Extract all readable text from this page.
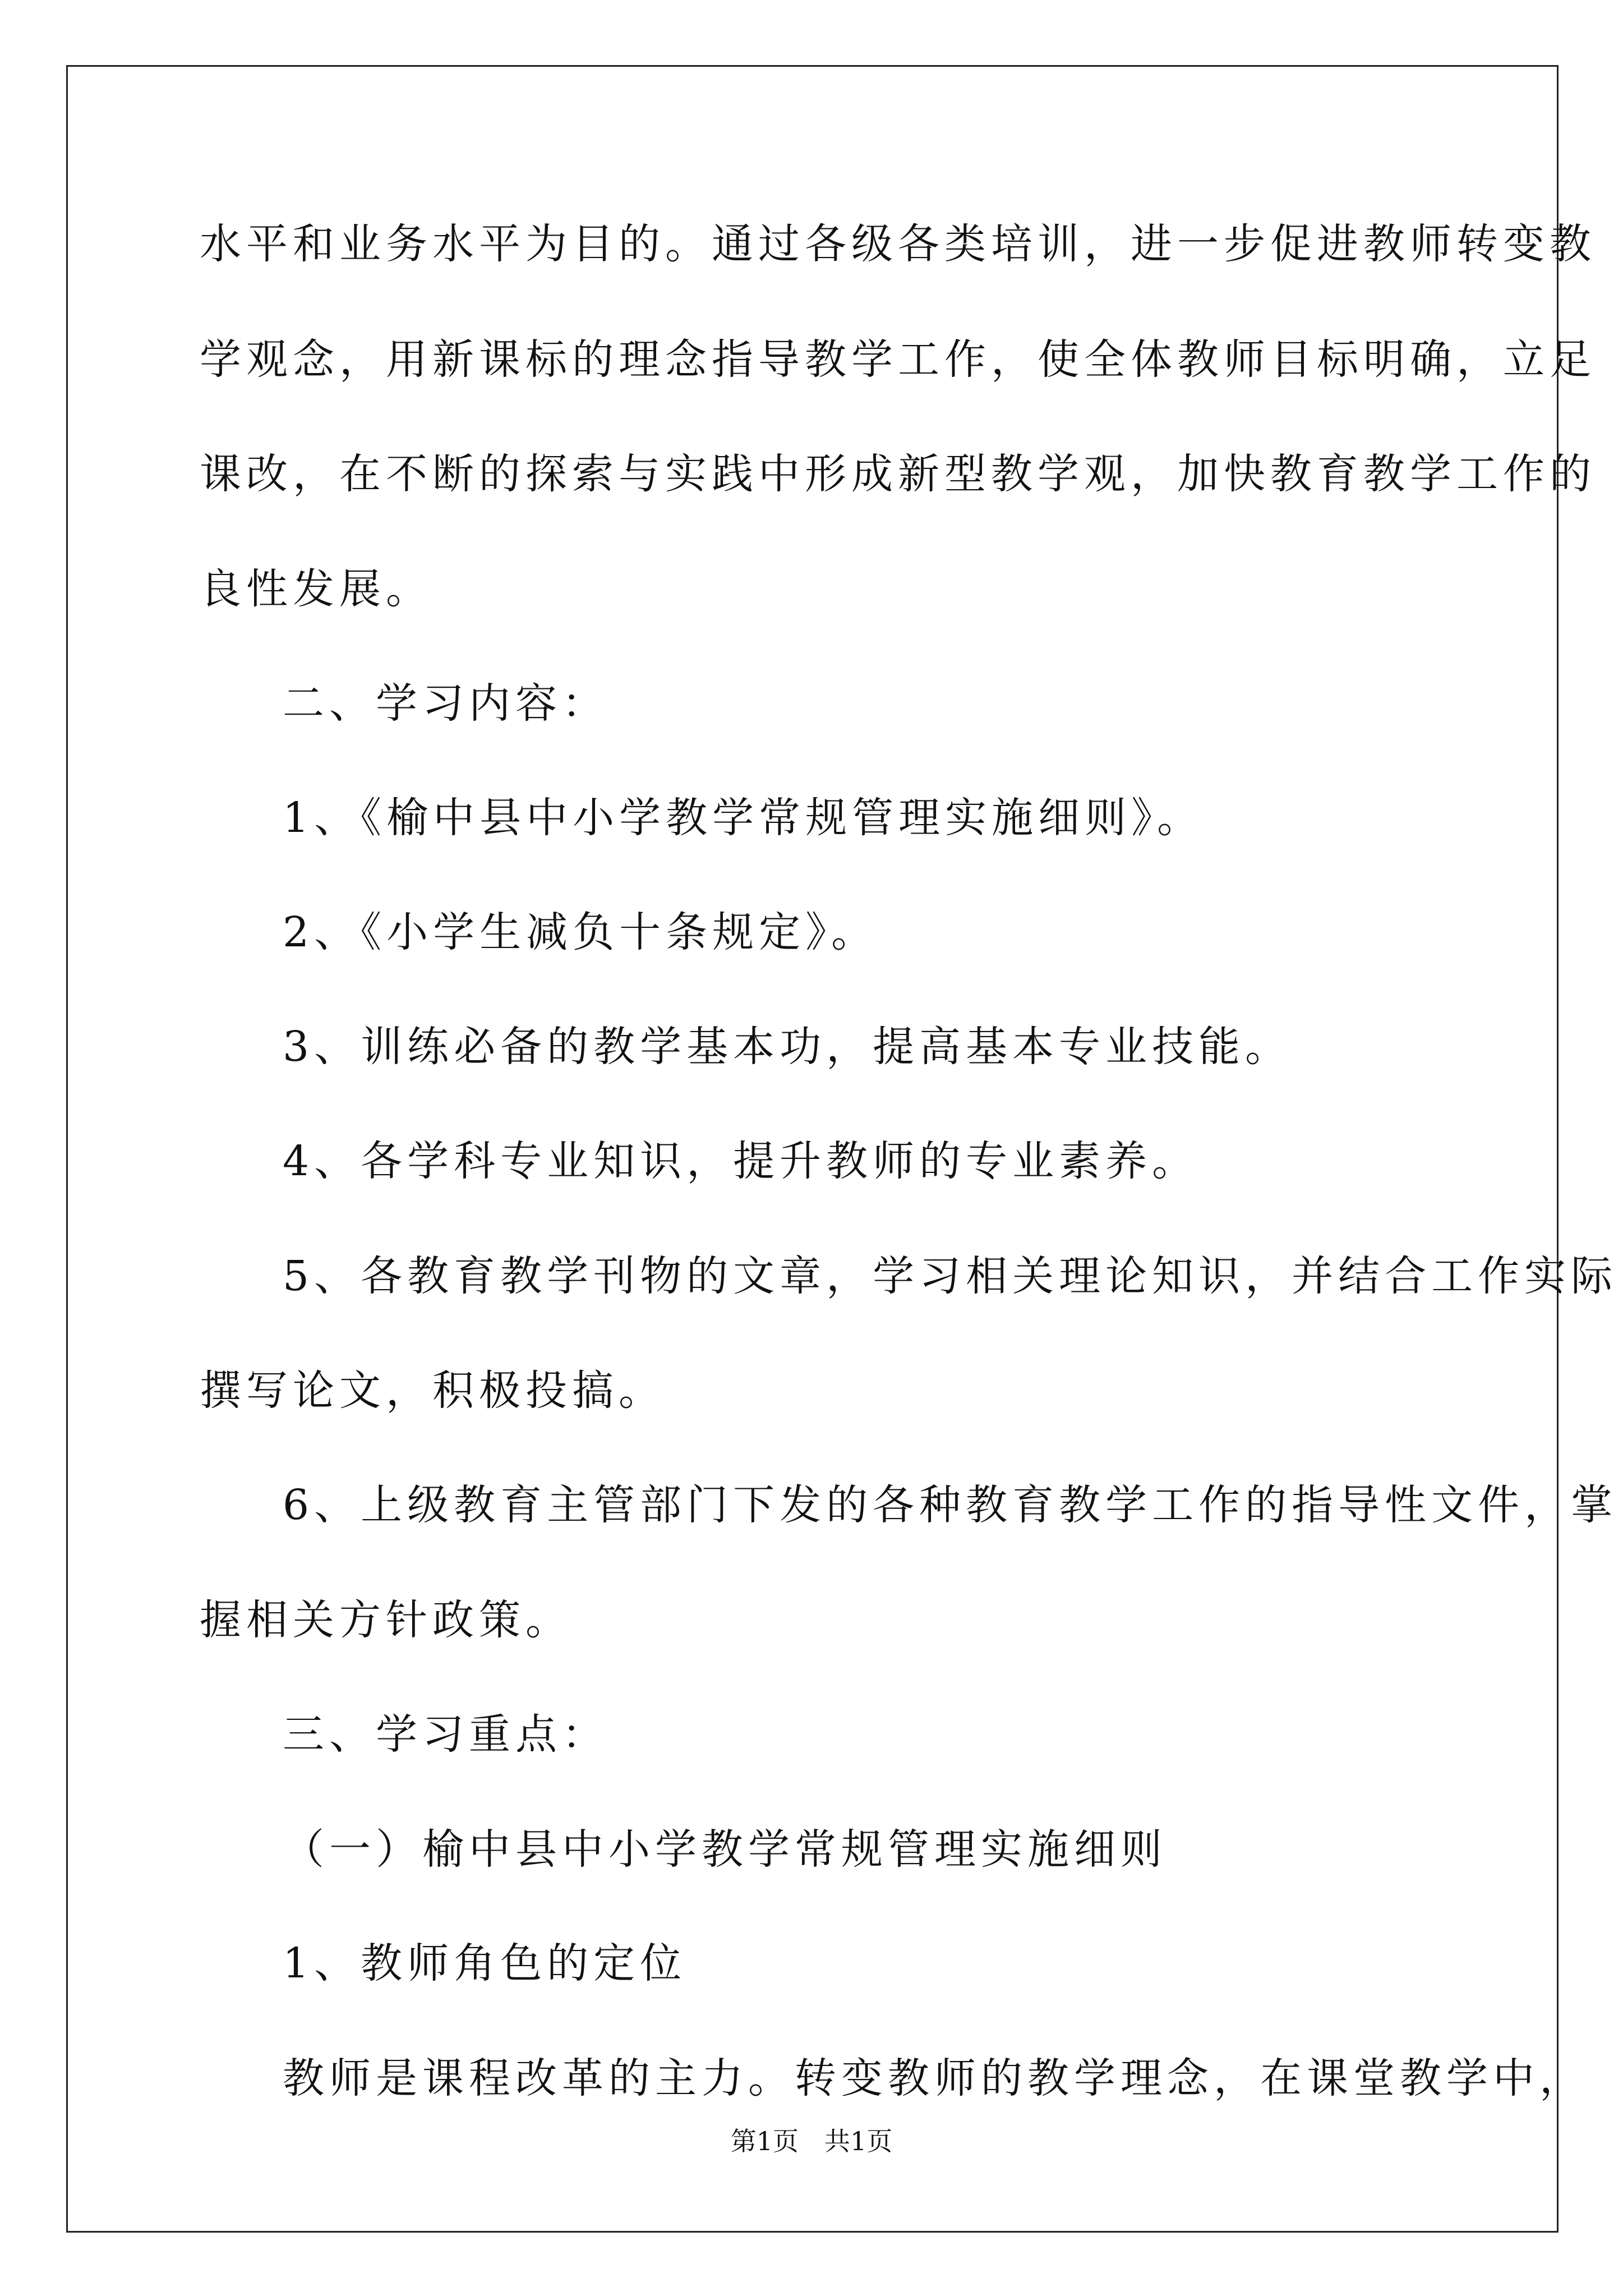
水平和业务水平为目的。通过各级各类培训，进一步促进教师转变教
学观念，用新课标的理念指导教学工作，使全体教师目标明确，立足
课改，在不断的探索与实践中形成新型教学观，加快教育教学工作的
良性发展。
二、学习内容：
1、《榆中县中小学教学常规管理实施细则》。
2、《小学生减负十条规定》。
3、训练必备的教学基本功，提高基本专业技能。
4、各学科专业知识，提升教师的专业素养。
5、各教育教学刊物的文章，学习相关理论知识，并结合工作实际
撰写论文，积极投搞。
6、上级教育主管部门下发的各种教育教学工作的指导性文件，掌
握相关方针政策。
三、学习重点：
（一）榆中县中小学教学常规管理实施细则
1、教师角色的定位
教师是课程改革的主力。转变教师的教学理念，在课堂教学中，
第1页　共1页
